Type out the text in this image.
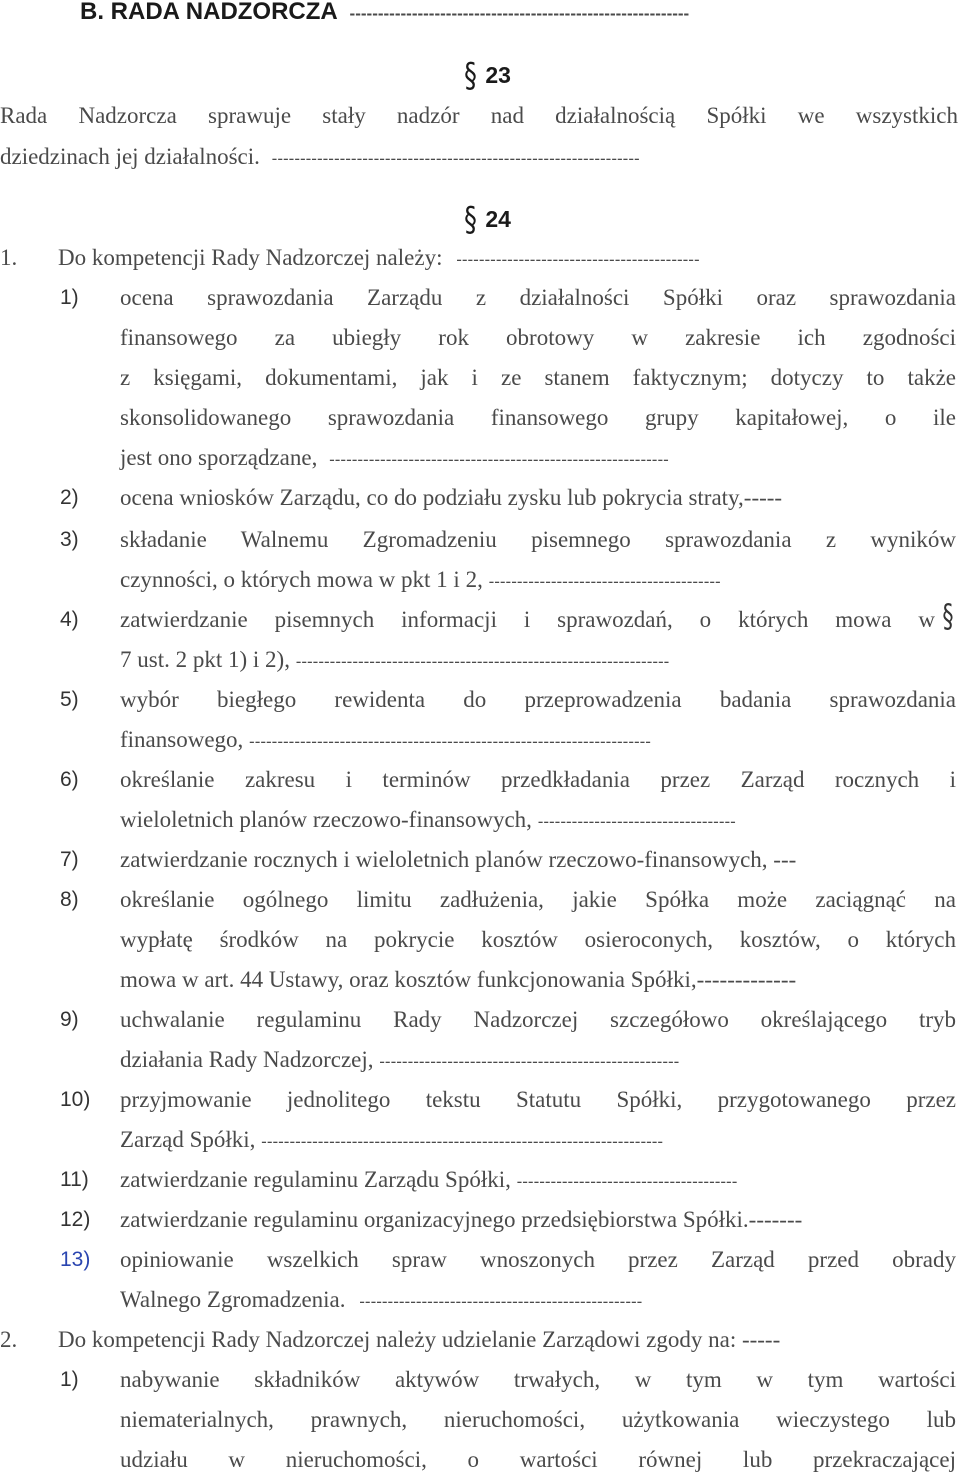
B. RADA NADZORCZA ------------------------------------------------------------
§ 23
Rada Nadzorcza sprawuje stały nadzór nad działalnością Spółki we wszystkich
dziedzinach jej działalności. -----------------------------------------------------------------
§ 24
1. Do kompetencji Rady Nadzorczej należy: -------------------------------------------
1) ocena sprawozdania Zarządu z działalności Spółki oraz sprawozdania
finansowego za ubiegły rok obrotowy w zakresie ich zgodności
z księgami, dokumentami, jak i ze stanem faktycznym; dotyczy to także
skonsolidowanego sprawozdania finansowego grupy kapitałowej, o ile
jest ono sporządzane, ------------------------------------------------------------
2) ocena wniosków Zarządu, co do podziału zysku lub pokrycia straty,-----
3) składanie Walnemu Zgromadzeniu pisemnego sprawozdania z wyników
czynności, o których mowa w pkt 1 i 2, -----------------------------------------
4) zatwierdzanie pisemnych informacji i sprawozdań, o których mowa w §
7 ust. 2 pkt 1) i 2), ------------------------------------------------------------------
5) wybór biegłego rewidenta do przeprowadzenia badania sprawozdania
finansowego, -----------------------------------------------------------------------
6) określanie zakresu i terminów przedkładania przez Zarząd rocznych i
wieloletnich planów rzeczowo-finansowych, -----------------------------------
7) zatwierdzanie rocznych i wieloletnich planów rzeczowo-finansowych, ---
8) określanie ogólnego limitu zadłużenia, jakie Spółka może zaciągnąć na
wypłatę środków na pokrycie kosztów osieroconych, kosztów, o których
mowa w art. 44 Ustawy, oraz kosztów funkcjonowania Spółki,-------------
9) uchwalanie regulaminu Rady Nadzorczej szczegółowo określającego tryb
działania Rady Nadzorczej, -----------------------------------------------------
10) przyjmowanie jednolitego tekstu Statutu Spółki, przygotowanego przez
Zarząd Spółki, -----------------------------------------------------------------------
11) zatwierdzanie regulaminu Zarządu Spółki, ---------------------------------------
12) zatwierdzanie regulaminu organizacyjnego przedsiębiorstwa Spółki.-------
13) opiniowanie wszelkich spraw wnoszonych przez Zarząd przed obrady
Walnego Zgromadzenia. --------------------------------------------------
2. Do kompetencji Rady Nadzorczej należy udzielanie Zarządowi zgody na: -----
1) nabywanie składników aktywów trwałych, w tym w tym wartości
niematerialnych, prawnych, nieruchomości, użytkowania wieczystego lub
udziału w nieruchomości, o wartości równej lub przekraczającej
